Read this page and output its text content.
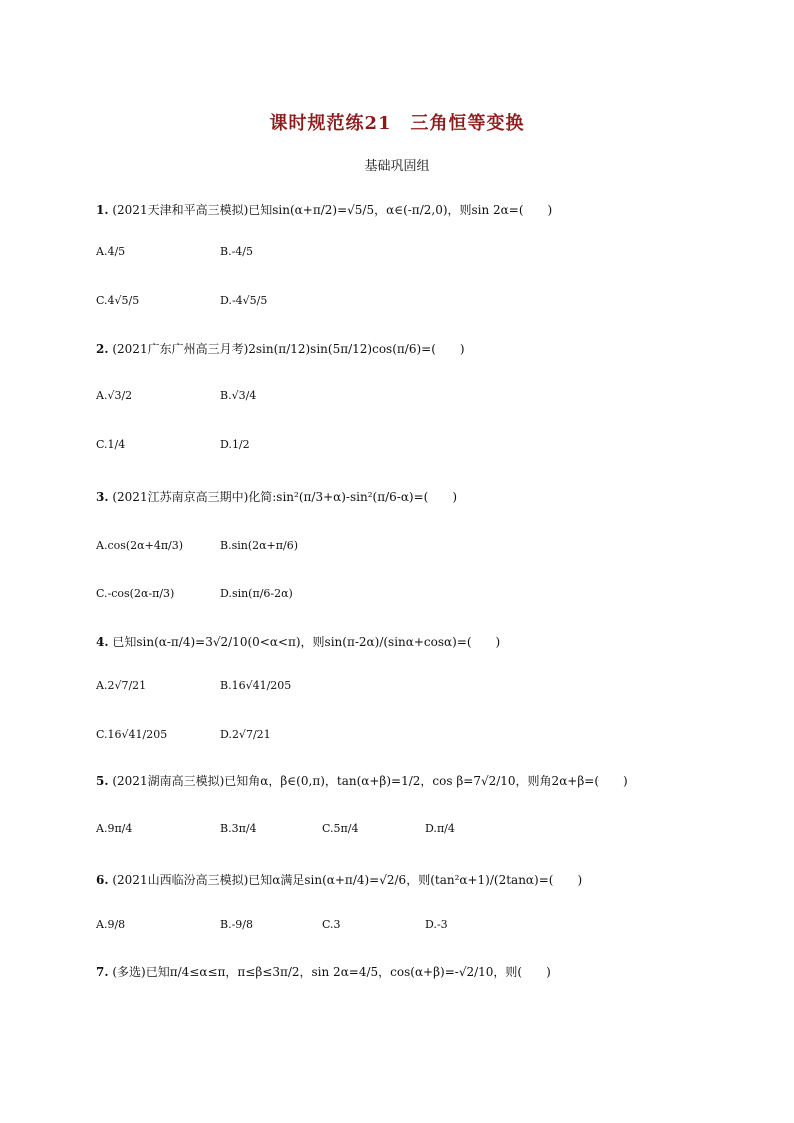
课时规范练21　三角恒等变换
基础巩固组
1. (2021天津和平高三模拟)已知sin(α+π/2)=√5/5，α∈(-π/2,0)，则sin 2α=(　　)
A.4/5	B.-4/5
C.4√5/5	D.-4√5/5
2. (2021广东广州高三月考)2sin(π/12)sin(5π/12)cos(π/6)=(　　)
A.√3/2	B.√3/4
C.1/4	D.1/2
3. (2021江苏南京高三期中)化简:sin²(π/3+α)-sin²(π/6-α)=(　　)
A.cos(2α+4π/3)	B.sin(2α+π/6)
C.-cos(2α-π/3)	D.sin(π/6-2α)
4. 已知sin(α-π/4)=3√2/10(0<α<π)，则sin(π-2α)/(sinα+cosα)=(　　)
A.2√7/21	B.16√41/205
C.16√41/205	D.2√7/21
5. (2021湖南高三模拟)已知角α，β∈(0,π)，tan(α+β)=1/2，cos β=7√2/10，则角2α+β=(　　)
A.9π/4	B.3π/4	C.5π/4	D.π/4
6. (2021山西临汾高三模拟)已知α满足sin(α+π/4)=√2/6，则(tan²α+1)/(2tanα)=(　　)
A.9/8	B.-9/8	C.3	D.-3
7. (多选)已知π/4≤α≤π，π≤β≤3π/2，sin 2α=4/5，cos(α+β)=-√2/10，则(　　)
